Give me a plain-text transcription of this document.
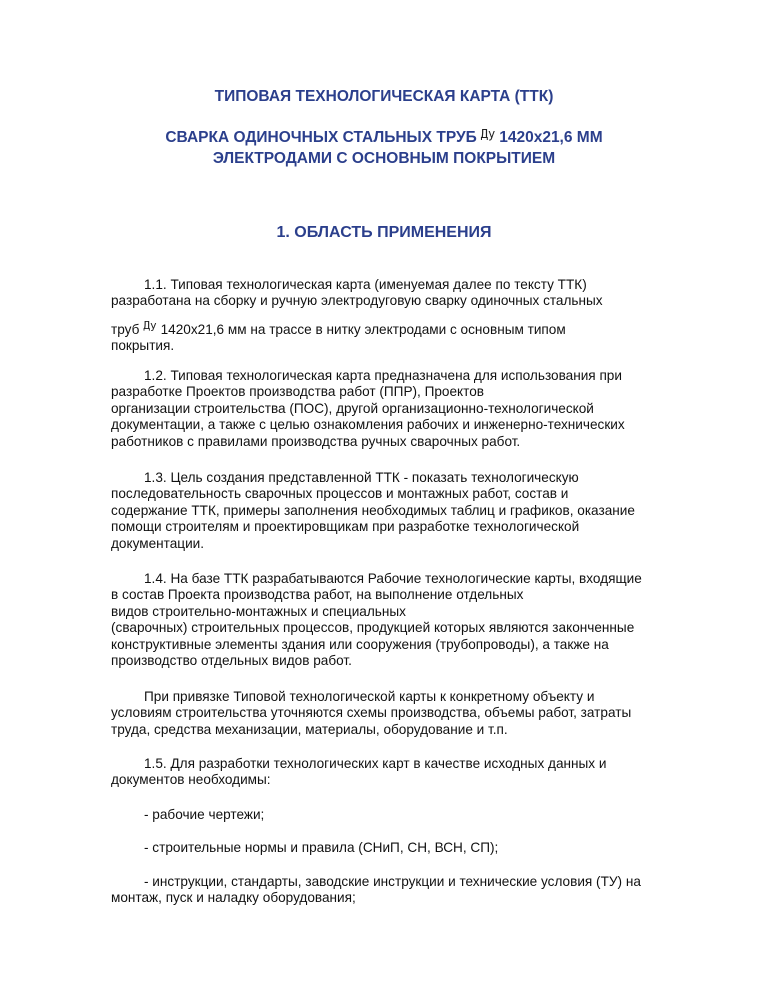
ТИПОВАЯ ТЕХНОЛОГИЧЕСКАЯ КАРТА (ТТК)
СВАРКА ОДИНОЧНЫХ СТАЛЬНЫХ ТРУБ $^{Ду}$ 1420х21,6 ММ
ЭЛЕКТРОДАМИ С ОСНОВНЫМ ПОКРЫТИЕМ
1. ОБЛАСТЬ ПРИМЕНЕНИЯ

1.1. Типовая технологическая карта (именуемая далее по тексту ТТК)

разработана на сборку и ручную электродуговую сварку одиночных стальных

труб $^{Ду}$ 1420х21,6 мм на трассе в нитку электродами с основным типом

покрытия.

1.2. Типовая технологическая карта предназначена для использования при

разработке Проектов производства работ (ППР), Проектов

организации строительства (ПОС), другой организационно-технологической

документации, а также с целью ознакомления рабочих и инженерно-технических

работников с правилами производства ручных сварочных работ.

1.3. Цель создания представленной ТТК - показать технологическую

последовательность сварочных процессов и монтажных работ, состав и

содержание ТТК, примеры заполнения необходимых таблиц и графиков, оказание

помощи строителям и проектировщикам при разработке технологической

документации.

1.4. На базе ТТК разрабатываются Рабочие технологические карты, входящие

в состав Проекта производства работ, на выполнение отдельных

видов строительно-монтажных и специальных

(сварочных) строительных процессов, продукцией которых являются законченные

конструктивные элементы здания или сооружения (трубопроводы), а также на

производство отдельных видов работ.

При привязке Типовой технологической карты к конкретному объекту и

условиям строительства уточняются схемы производства, объемы работ, затраты

труда, средства механизации, материалы, оборудование и т.п.

1.5. Для разработки технологических карт в качестве исходных данных и

документов необходимы:

- рабочие чертежи;

- строительные нормы и правила (СНиП, СН, ВСН, СП);

- инструкции, стандарты, заводские инструкции и технические условия (ТУ) на

монтаж, пуск и наладку оборудования;
